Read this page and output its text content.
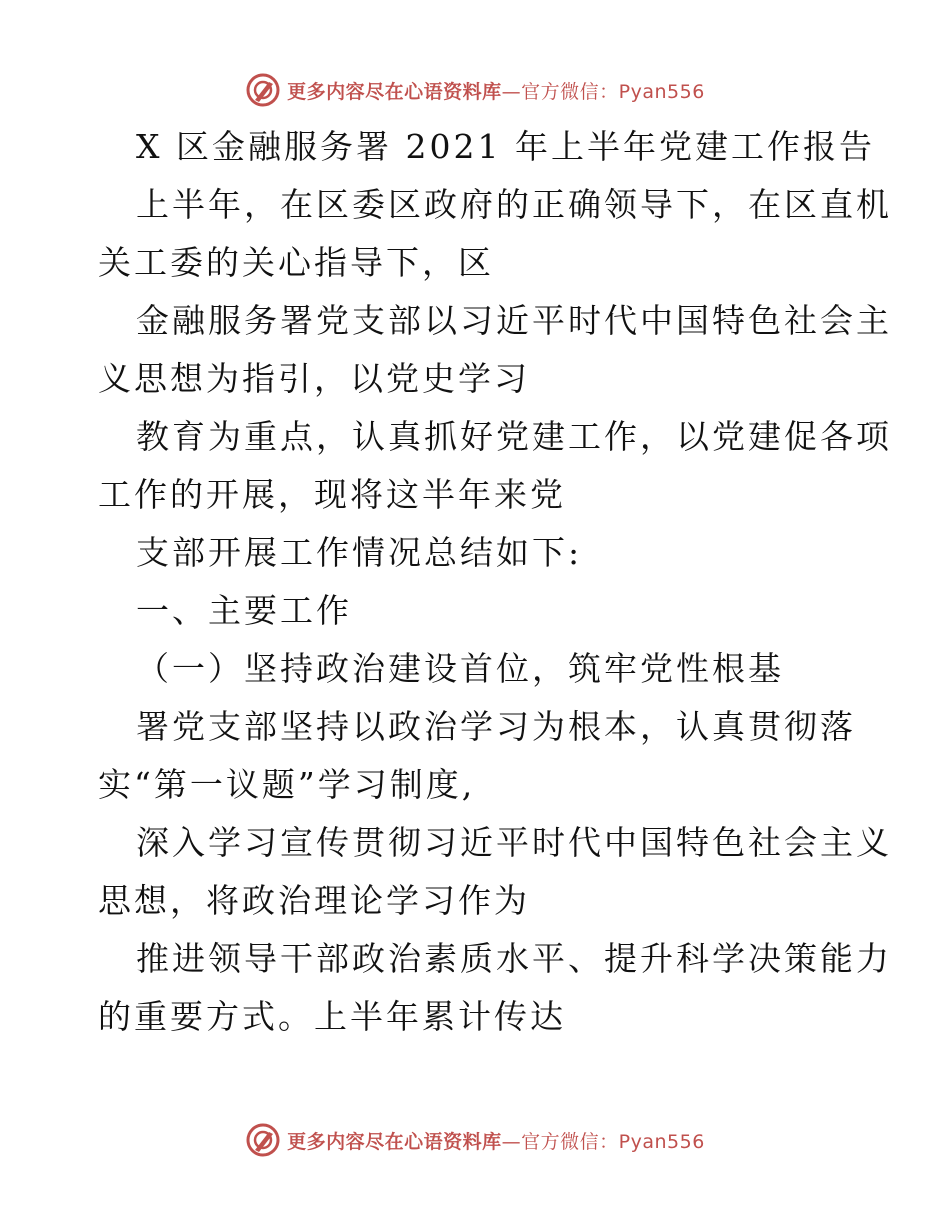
更多内容尽在心语资料库—官方微信：Pyan556
X 区金融服务署 2021 年上半年党建工作报告
上半年，在区委区政府的正确领导下，在区直机
关工委的关心指导下，区
金融服务署党支部以习近平时代中国特色社会主
义思想为指引，以党史学习
教育为重点，认真抓好党建工作，以党建促各项
工作的开展，现将这半年来党
支部开展工作情况总结如下:
一、主要工作
（一）坚持政治建设首位，筑牢党性根基
署党支部坚持以政治学习为根本，认真贯彻落
实“第一议题”学习制度,
深入学习宣传贯彻习近平时代中国特色社会主义
思想，将政治理论学习作为
推进领导干部政治素质水平、提升科学决策能力
的重要方式。上半年累计传达
更多内容尽在心语资料库—官方微信：Pyan556
